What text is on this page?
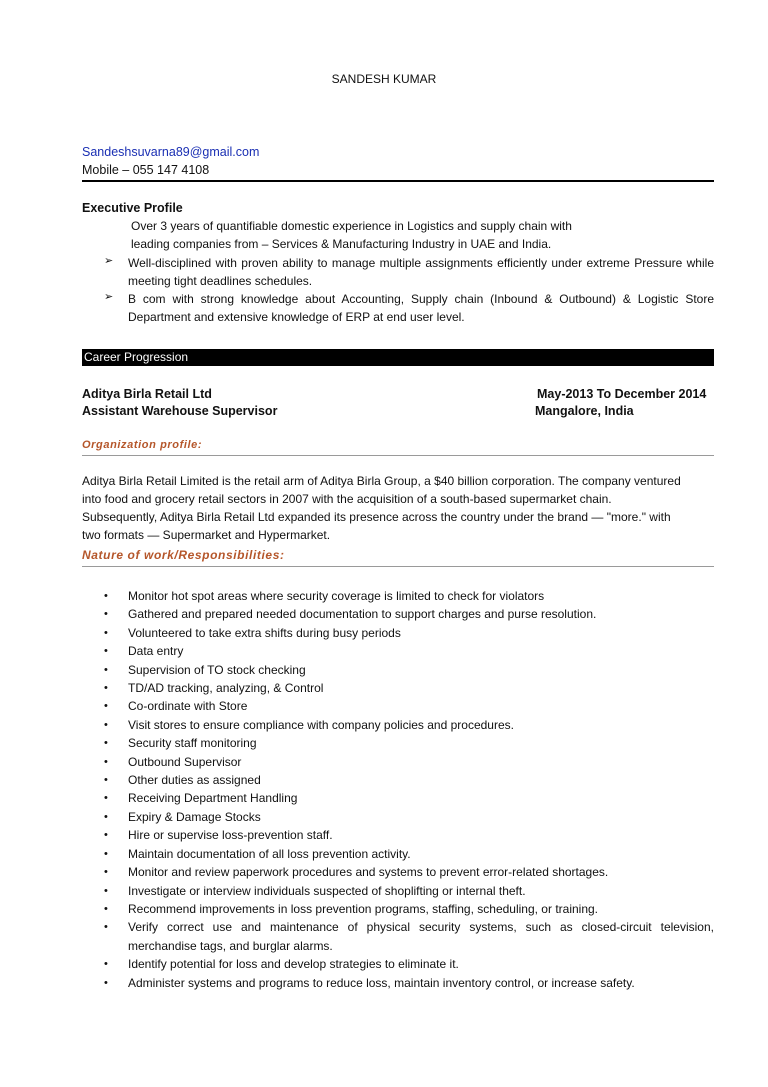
SANDESH KUMAR
Sandeshsuvarna89@gmail.com
Mobile – 055 147 4108
Executive Profile
Over 3 years of quantifiable domestic experience in Logistics and supply chain with
leading companies from – Services & Manufacturing Industry in UAE and India.
➢	Well-disciplined with proven ability to manage multiple assignments efficiently under extreme Pressure while meeting tight deadlines schedules.
➢	B com with strong knowledge about Accounting, Supply chain (Inbound & Outbound) & Logistic Store Department and extensive knowledge of ERP at end user level.
Career Progression
Aditya Birla Retail Ltd	May-2013 To December 2014
Assistant Warehouse Supervisor	Mangalore, India
Organization profile:
Aditya Birla Retail Limited is the retail arm of Aditya Birla Group, a $40 billion corporation. The company ventured into food and grocery retail sectors in 2007 with the acquisition of a south-based supermarket chain. Subsequently, Aditya Birla Retail Ltd expanded its presence across the country under the brand — "more." with two formats — Supermarket and Hypermarket.
Nature of work/Responsibilities:
•	Monitor hot spot areas where security coverage is limited to check for violators
•	Gathered and prepared needed documentation to support charges and purse resolution.
•	Volunteered to take extra shifts during busy periods
•	Data entry
•	Supervision of TO stock checking
•	TD/AD tracking, analyzing, & Control
•	Co-ordinate with Store
•	Visit stores to ensure compliance with company policies and procedures.
•	Security staff monitoring
•	Outbound Supervisor
•	Other duties as assigned
•	Receiving Department Handling
•	Expiry & Damage Stocks
•	Hire or supervise loss-prevention staff.
•	Maintain documentation of all loss prevention activity.
•	Monitor and review paperwork procedures and systems to prevent error-related shortages.
•	Investigate or interview individuals suspected of shoplifting or internal theft.
•	Recommend improvements in loss prevention programs, staffing, scheduling, or training.
•	Verify correct use and maintenance of physical security systems, such as closed-circuit television, merchandise tags, and burglar alarms.
•	Identify potential for loss and develop strategies to eliminate it.
•	Administer systems and programs to reduce loss, maintain inventory control, or increase safety.
